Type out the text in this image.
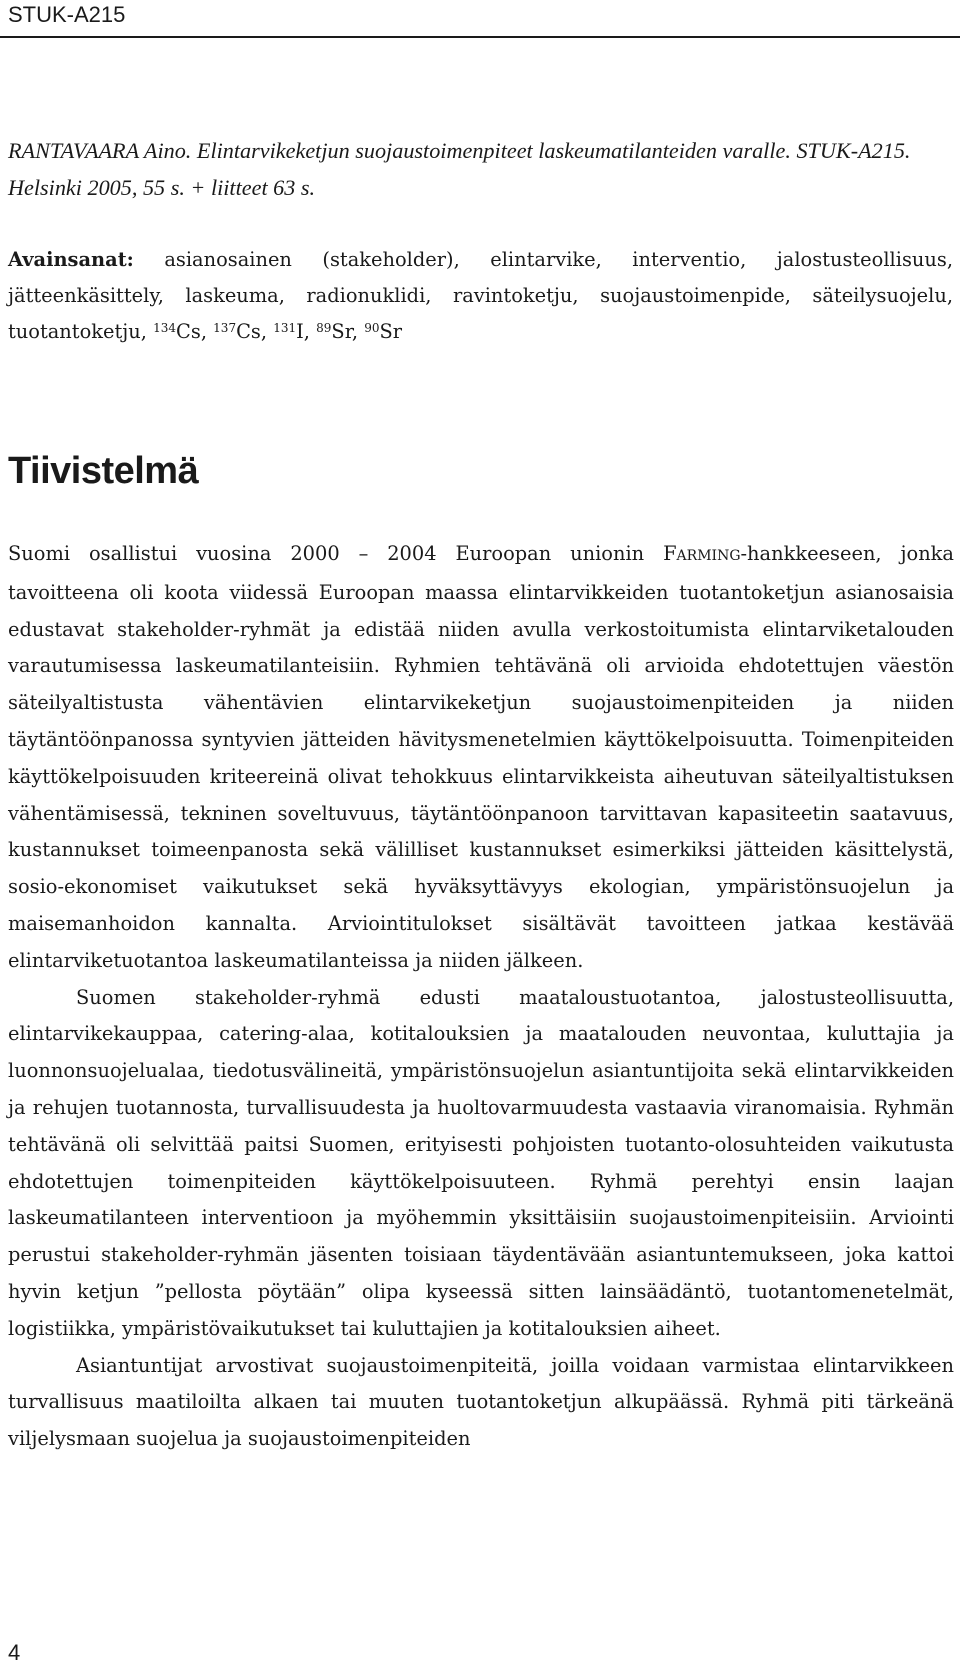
STUK-A215
RANTAVAARA Aino. Elintarvikeketjun suojaustoimenpiteet laskeumatilanteiden varalle. STUK-A215. Helsinki 2005, 55 s. + liitteet 63 s.
Avainsanat: asianosainen (stakeholder), elintarvike, interventio, jalostusteollisuus, jätteenkäsittely, laskeuma, radionuklidi, ravintoketju, suojaustoimenpide, säteilysuojelu, tuotantoketju, $^{134}$Cs, $^{137}$Cs, $^{131}$I, $^{89}$Sr, $^{90}$Sr
Tiivistelmä

Suomi osallistui vuosina 2000 – 2004 Euroopan unionin FARMING-hankkeeseen, jonka tavoitteena oli koota viidessä Euroopan maassa elintarvikkeiden tuotantoketjun asianosaisia edustavat stakeholder-ryhmät ja edistää niiden avulla verkostoitumista elintarviketalouden varautumisessa laskeumatilanteisiin. Ryhmien tehtävänä oli arvioida ehdotettujen väestön säteilyaltistusta vähentävien elintarvikeketjun suojaustoimenpiteiden ja niiden täytäntöönpanossa syntyvien jätteiden hävitysmenetelmien käyttökelpoisuutta. Toimenpiteiden käyttökelpoisuuden kriteereinä olivat tehokkuus elintarvikkeista aiheutuvan säteilyaltistuksen vähentämisessä, tekninen soveltuvuus, täytäntöönpanoon tarvittavan kapasiteetin saatavuus, kustannukset toimeenpanosta sekä välilliset kustannukset esimerkiksi jätteiden käsittelystä, sosio-ekonomiset vaikutukset sekä hyväksyttävyys ekologian, ympäristönsuojelun ja maisemanhoidon kannalta. Arviointitulokset sisältävät tavoitteen jatkaa kestävää elintarviketuotantoa laskeumatilanteissa ja niiden jälkeen.

Suomen stakeholder-ryhmä edusti maataloustuotantoa, jalostusteollisuutta, elintarvikekauppaa, catering-alaa, kotitalouksien ja maatalouden neuvontaa, kuluttajia ja luonnonsuojelualaa, tiedotusvälineitä, ympäristönsuojelun asiantuntijoita sekä elintarvikkeiden ja rehujen tuotannosta, turvallisuudesta ja huoltovarmuudesta vastaavia viranomaisia. Ryhmän tehtävänä oli selvittää paitsi Suomen, erityisesti pohjoisten tuotanto-olosuhteiden vaikutusta ehdotettujen toimenpiteiden käyttökelpoisuuteen. Ryhmä perehtyi ensin laajan laskeumatilanteen interventioon ja myöhemmin yksittäisiin suojaustoimenpiteisiin. Arviointi perustui stakeholder-ryhmän jäsenten toisiaan täydentävään asiantuntemukseen, joka kattoi hyvin ketjun ”pellosta pöytään” olipa kyseessä sitten lainsäädäntö, tuotantomenetelmät, logistiikka, ympäristövaikutukset tai kuluttajien ja kotitalouksien aiheet.

Asiantuntijat arvostivat suojaustoimenpiteitä, joilla voidaan varmistaa elintarvikkeen turvallisuus maatiloilta alkaen tai muuten tuotantoketjun alkupäässä. Ryhmä piti tärkeänä viljelysmaan suojelua ja suojaustoimenpiteiden

4
